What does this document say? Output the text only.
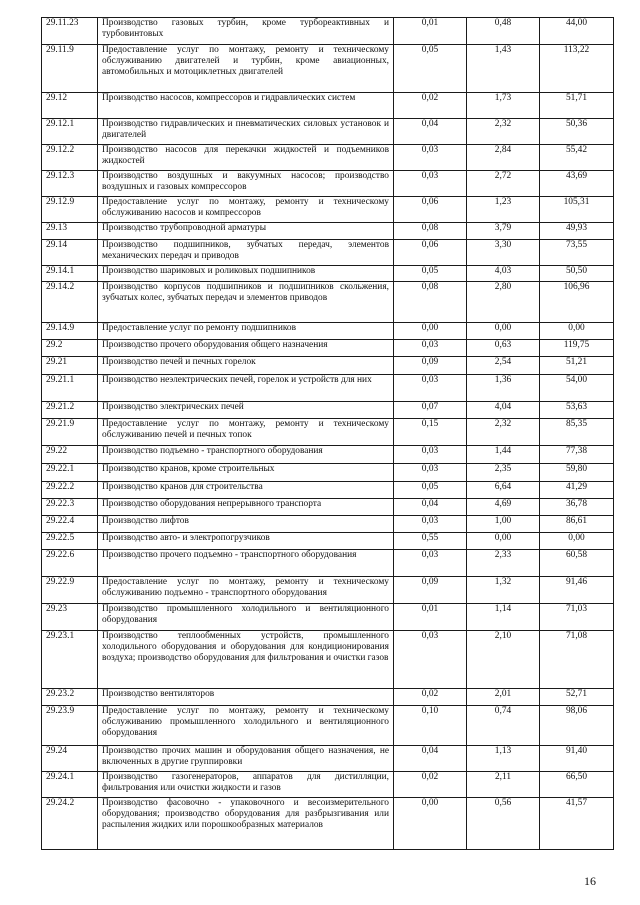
29.11.23	Производство газовых турбин, кроме турбореактивных и турбовинтовых	0,01	0,48	44,00
29.11.9	Предоставление услуг по монтажу, ремонту и техническому обслуживанию двигателей и турбин, кроме авиационных, автомобильных и мотоциклетных двигателей	0,05	1,43	113,22
29.12	Производство насосов, компрессоров и гидравлических систем	0,02	1,73	51,71
29.12.1	Производство гидравлических и пневматических силовых установок и двигателей	0,04	2,32	50,36
29.12.2	Производство насосов для перекачки жидкостей и подъемников жидкостей	0,03	2,84	55,42
29.12.3	Производство воздушных и вакуумных насосов; производство воздушных и газовых компрессоров	0,03	2,72	43,69
29.12.9	Предоставление услуг по монтажу, ремонту и техническому обслуживанию насосов и компрессоров	0,06	1,23	105,31
29.13	Производство трубопроводной арматуры	0,08	3,79	49,93
29.14	Производство подшипников, зубчатых передач, элементов механических передач и приводов	0,06	3,30	73,55
29.14.1	Производство шариковых и роликовых подшипников	0,05	4,03	50,50
29.14.2	Производство корпусов подшипников и подшипников скольжения, зубчатых колес, зубчатых передач и элементов приводов	0,08	2,80	106,96
29.14.9	Предоставление услуг по ремонту подшипников	0,00	0,00	0,00
29.2	Производство прочего оборудования общего назначения	0,03	0,63	119,75
29.21	Производство печей и печных горелок	0,09	2,54	51,21
29.21.1	Производство неэлектрических печей, горелок и устройств для них	0,03	1,36	54,00
29.21.2	Производство электрических печей	0,07	4,04	53,63
29.21.9	Предоставление услуг по монтажу, ремонту и техническому обслуживанию печей и печных топок	0,15	2,32	85,35
29.22	Производство подъемно - транспортного оборудования	0,03	1,44	77,38
29.22.1	Производство кранов, кроме строительных	0,03	2,35	59,80
29.22.2	Производство кранов для строительства	0,05	6,64	41,29
29.22.3	Производство оборудования непрерывного транспорта	0,04	4,69	36,78
29.22.4	Производство лифтов	0,03	1,00	86,61
29.22.5	Производство авто- и электропогрузчиков	0,55	0,00	0,00
29.22.6	Производство прочего подъемно - транспортного оборудования	0,03	2,33	60,58
29.22.9	Предоставление услуг по монтажу, ремонту и техническому обслуживанию подъемно - транспортного оборудования	0,09	1,32	91,46
29.23	Производство промышленного холодильного и вентиляционного оборудования	0,01	1,14	71,03
29.23.1	Производство теплообменных устройств, промышленного холодильного оборудования и оборудования для кондиционирования воздуха; производство оборудования для фильтрования и очистки газов	0,03	2,10	71,08
29.23.2	Производство вентиляторов	0,02	2,01	52,71
29.23.9	Предоставление услуг по монтажу, ремонту и техническому обслуживанию промышленного холодильного и вентиляционного оборудования	0,10	0,74	98,06
29.24	Производство прочих машин и оборудования общего назначения, не включенных в другие группировки	0,04	1,13	91,40
29.24.1	Производство газогенераторов, аппаратов для дистилляции, фильтрования или очистки жидкости и газов	0,02	2,11	66,50
29.24.2	Производство фасовочно - упаковочного и весоизмерительного оборудования; производство оборудования для разбрызгивания или распыления жидких или порошкообразных материалов	0,00	0,56	41,57
16
